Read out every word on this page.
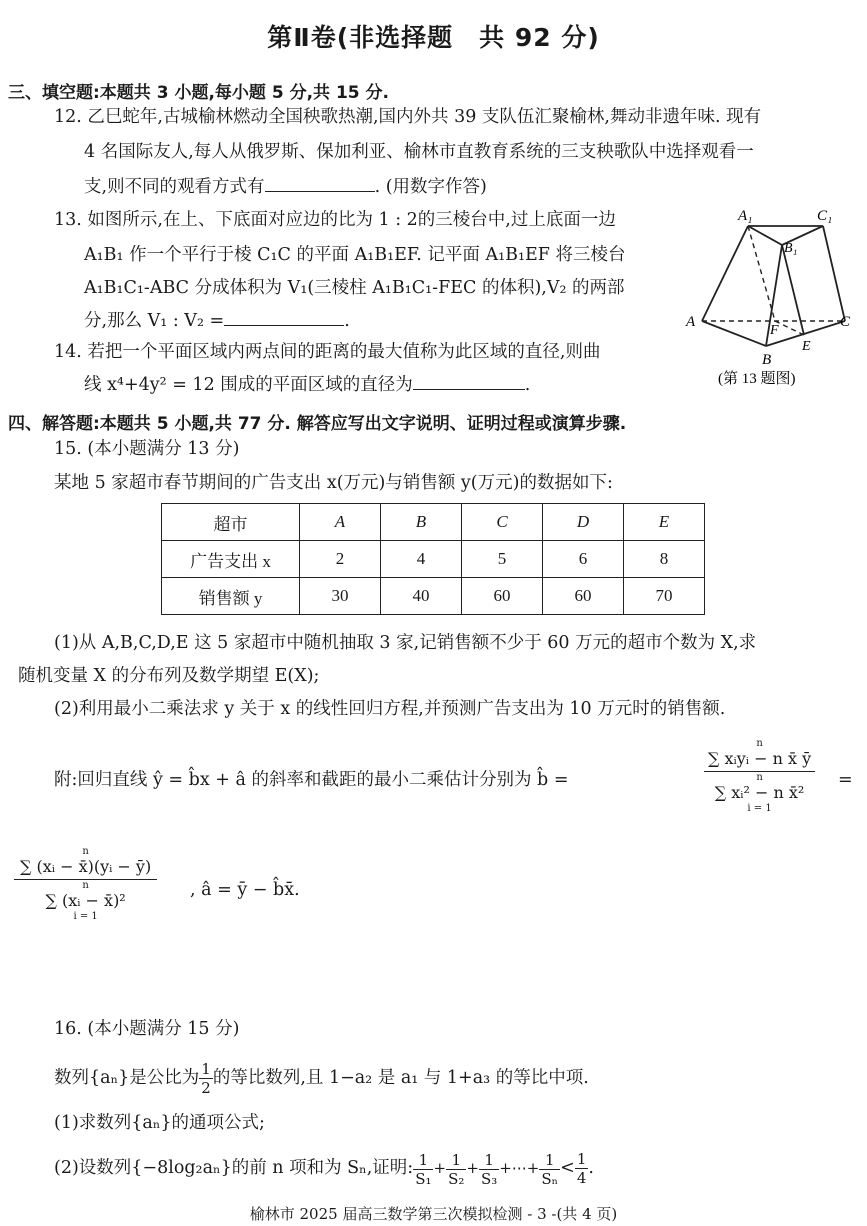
第Ⅱ卷(非选择题　共 92 分)
三、填空题:本题共 3 小题,每小题 5 分,共 15 分.
12. 乙巳蛇年,古城榆林燃动全国秧歌热潮,国内外共 39 支队伍汇聚榆林,舞动非遗年味. 现有
4 名国际友人,每人从俄罗斯、保加利亚、榆林市直教育系统的三支秧歌队中选择观看一
支,则不同的观看方式有	. (用数字作答)
13. 如图所示,在上、下底面对应边的比为 1 : 2的三棱台中,过上底面一边
A₁B₁ 作一个平行于棱 C₁C 的平面 A₁B₁EF. 记平面 A₁B₁EF 将三棱台
A₁B₁C₁-ABC 分成体积为 V₁(三棱柱 A₁B₁C₁-FEC 的体积),V₂ 的两部
分,那么 V₁ : V₂ =	.
14. 若把一个平面区域内两点间的距离的最大值称为此区域的直径,则曲
线 x⁴+4y² = 12 围成的平面区域的直径为	.
A₁	C₁
B₁
A
F
C
B
E
(第 13 题图)
四、解答题:本题共 5 小题,共 77 分. 解答应写出文字说明、证明过程或演算步骤.
15. (本小题满分 13 分)
某地 5 家超市春节期间的广告支出 x(万元)与销售额 y(万元)的数据如下:
超市	A	B	C	D	E
广告支出 x	2	4	5	6	8
销售额 y	30	40	60	60	70
(1)从 A,B,C,D,E 这 5 家超市中随机抽取 3 家,记销售额不少于 60 万元的超市个数为 X,求
随机变量 X 的分布列及数学期望 E(X);
(2)利用最小二乘法求 y 关于 x 的线性回归方程,并预测广告支出为 10 万元时的销售额.
附:回归直线 ŷ = b̂x + â 的斜率和截距的最小二乘估计分别为 b̂ =
n
∑ xᵢyᵢ − n x̄ ȳ
n
∑ xᵢ² − n x̄²
i = 1
=
n
∑ (xᵢ − x̄)(yᵢ − ȳ)
n
∑ (xᵢ − x̄)²
i = 1
, â = ȳ − b̂x̄.
16. (本小题满分 15 分)
数列{aₙ}是公比为 $\frac{1}{2}$ 的等比数列,且 1−a₂ 是 a₁ 与 1+a₃ 的等比中项.
(1)求数列{aₙ}的通项公式;
(2)设数列{−8log₂aₙ}的前 n 项和为 Sₙ,证明: $\frac{1}{\text{S₁}} + \frac{1}{\text{S₂}} + \frac{1}{\text{S₃}}$ +⋯+ $\frac{1}{\text{Sₙ}} < \frac{1}{4}$ .
榆林市 2025 届高三数学第三次模拟检测 - 3 -(共 4 页)
